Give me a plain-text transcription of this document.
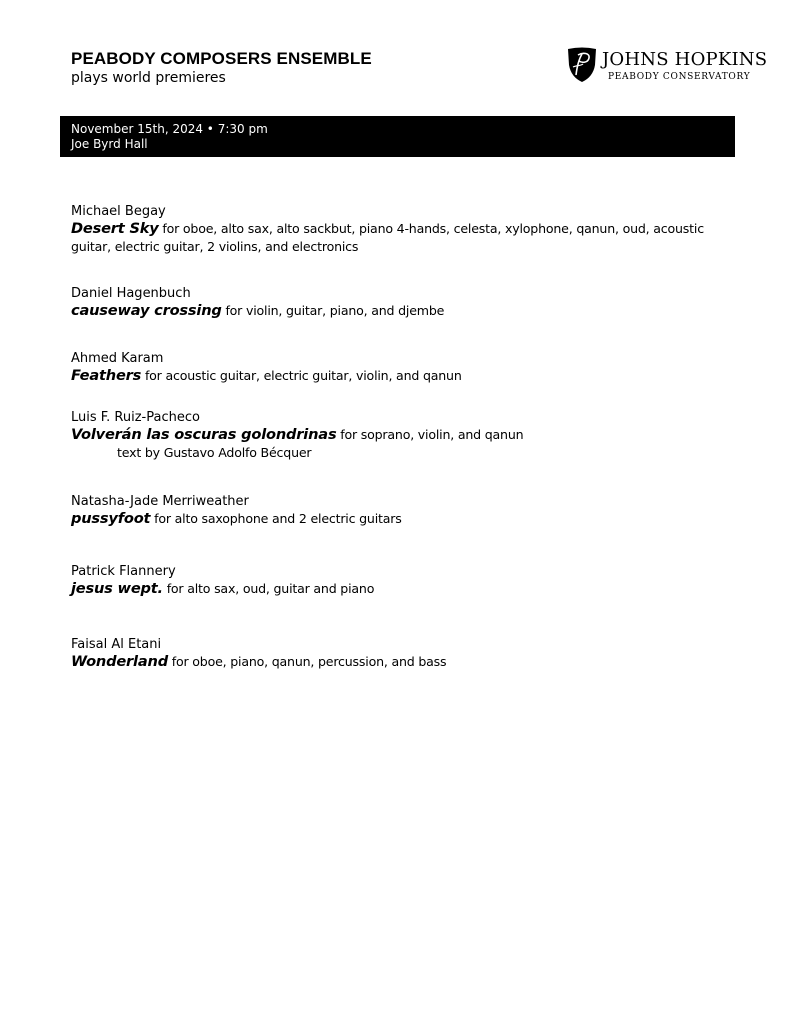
PEABODY COMPOSERS ENSEMBLE

plays world premieres

JOHNS HOPKINS

PEABODY CONSERVATORY

November 15th, 2024 • 7:30 pm

Joe Byrd Hall

Michael Begay

Desert Sky for oboe, alto sax, alto sackbut, piano 4-hands, celesta, xylophone, qanun, oud, acoustic guitar, electric guitar, 2 violins, and electronics

Daniel Hagenbuch

causeway crossing for violin, guitar, piano, and djembe

Ahmed Karam

Feathers for acoustic guitar, electric guitar, violin, and qanun

Luis F. Ruiz-Pacheco

Volverán las oscuras golondrinas for soprano, violin, and qanun

text by Gustavo Adolfo Bécquer

Natasha-Jade Merriweather

pussyfoot for alto saxophone and 2 electric guitars

Patrick Flannery

jesus wept. for alto sax, oud, guitar and piano

Faisal Al Etani

Wonderland for oboe, piano, qanun, percussion, and bass
